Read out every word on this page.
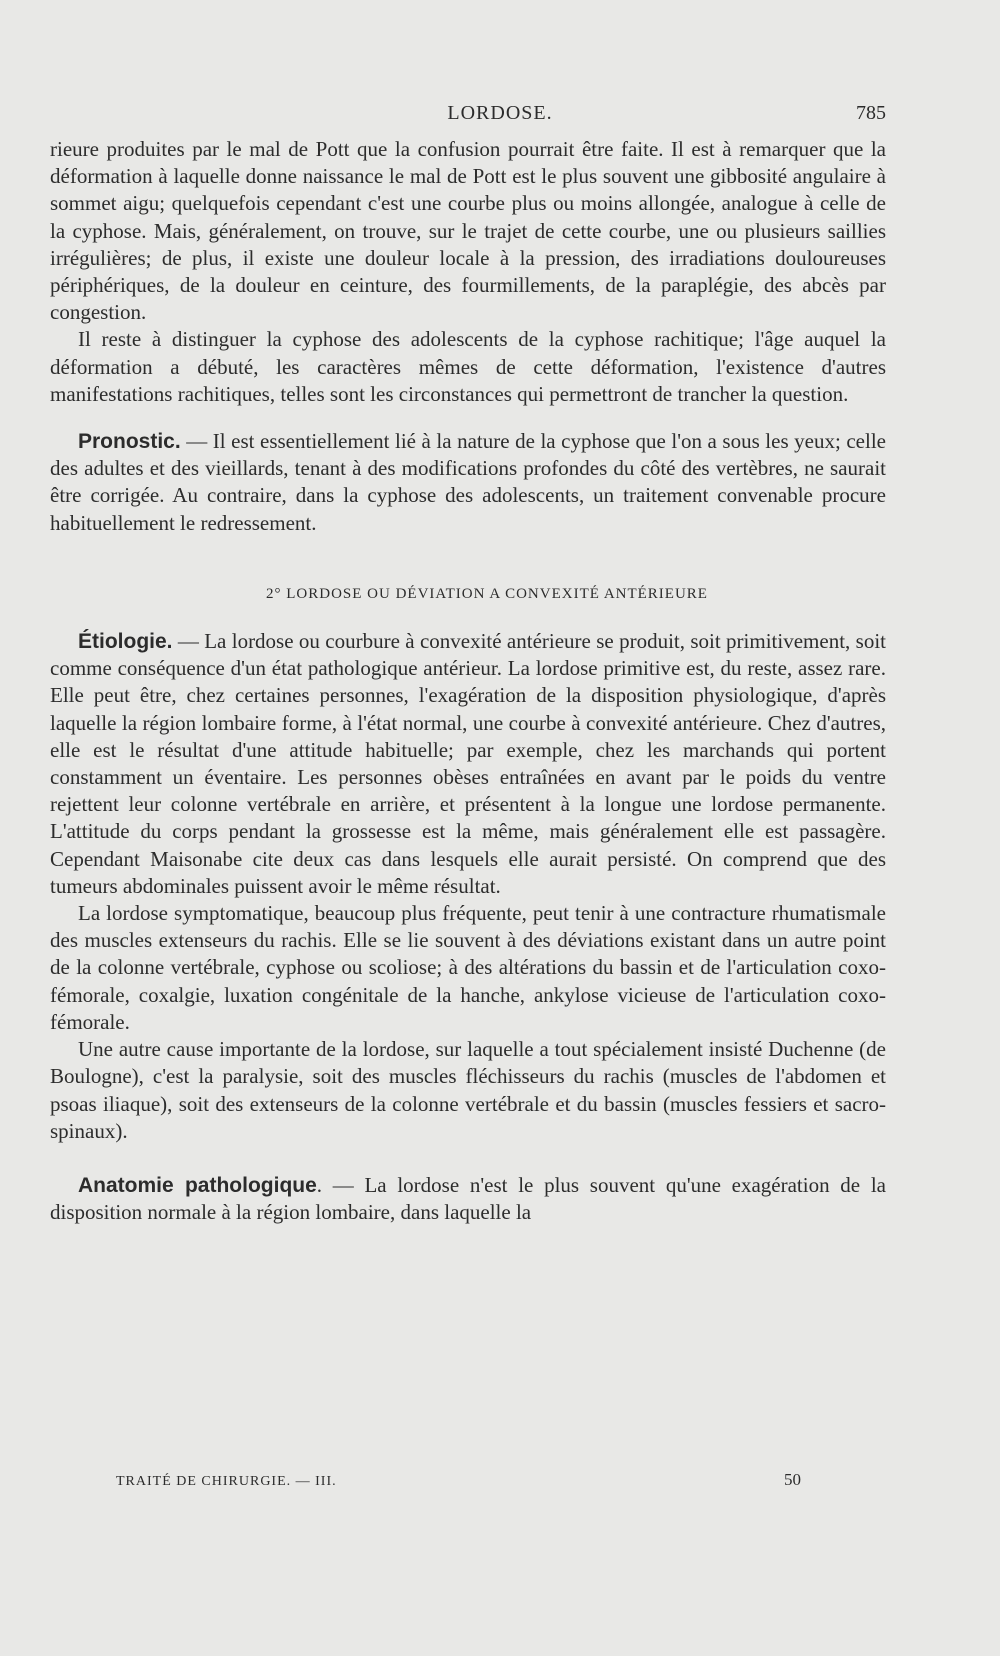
LORDOSE.	785

rieure produites par le mal de Pott que la confusion pourrait être faite. Il est à remarquer que la déformation à laquelle donne naissance le mal de Pott est le plus souvent une gibbosité angulaire à sommet aigu; quelquefois cependant c'est une courbe plus ou moins allongée, analogue à celle de la cyphose. Mais, généralement, on trouve, sur le trajet de cette courbe, une ou plusieurs saillies irrégulières; de plus, il existe une douleur locale à la pression, des irradiations douloureuses périphériques, de la douleur en ceinture, des fourmillements, de la paraplégie, des abcès par congestion.

Il reste à distinguer la cyphose des adolescents de la cyphose rachitique; l'âge auquel la déformation a débuté, les caractères mêmes de cette déformation, l'existence d'autres manifestations rachitiques, telles sont les circonstances qui permettront de trancher la question.

Pronostic. — Il est essentiellement lié à la nature de la cyphose que l'on a sous les yeux; celle des adultes et des vieillards, tenant à des modifications profondes du côté des vertèbres, ne saurait être corrigée. Au contraire, dans la cyphose des adolescents, un traitement convenable procure habituellement le redressement.

2° LORDOSE OU DÉVIATION A CONVEXITÉ ANTÉRIEURE

Étiologie. — La lordose ou courbure à convexité antérieure se produit, soit primitivement, soit comme conséquence d'un état pathologique antérieur. La lordose primitive est, du reste, assez rare. Elle peut être, chez certaines personnes, l'exagération de la disposition physiologique, d'après laquelle la région lombaire forme, à l'état normal, une courbe à convexité antérieure. Chez d'autres, elle est le résultat d'une attitude habituelle; par exemple, chez les marchands qui portent constamment un éventaire. Les personnes obèses entraînées en avant par le poids du ventre rejettent leur colonne vertébrale en arrière, et présentent à la longue une lordose permanente. L'attitude du corps pendant la grossesse est la même, mais généralement elle est passagère. Cependant Maisonabe cite deux cas dans lesquels elle aurait persisté. On comprend que des tumeurs abdominales puissent avoir le même résultat.

La lordose symptomatique, beaucoup plus fréquente, peut tenir à une contracture rhumatismale des muscles extenseurs du rachis. Elle se lie souvent à des déviations existant dans un autre point de la colonne vertébrale, cyphose ou scoliose; à des altérations du bassin et de l'articulation coxo-fémorale, coxalgie, luxation congénitale de la hanche, ankylose vicieuse de l'articulation coxo-fémorale.

Une autre cause importante de la lordose, sur laquelle a tout spécialement insisté Duchenne (de Boulogne), c'est la paralysie, soit des muscles fléchisseurs du rachis (muscles de l'abdomen et psoas iliaque), soit des extenseurs de la colonne vertébrale et du bassin (muscles fessiers et sacro-spinaux).

Anatomie pathologique. — La lordose n'est le plus souvent qu'une exagération de la disposition normale à la région lombaire, dans laquelle la

TRAITÉ DE CHIRURGIE. — III.	50
